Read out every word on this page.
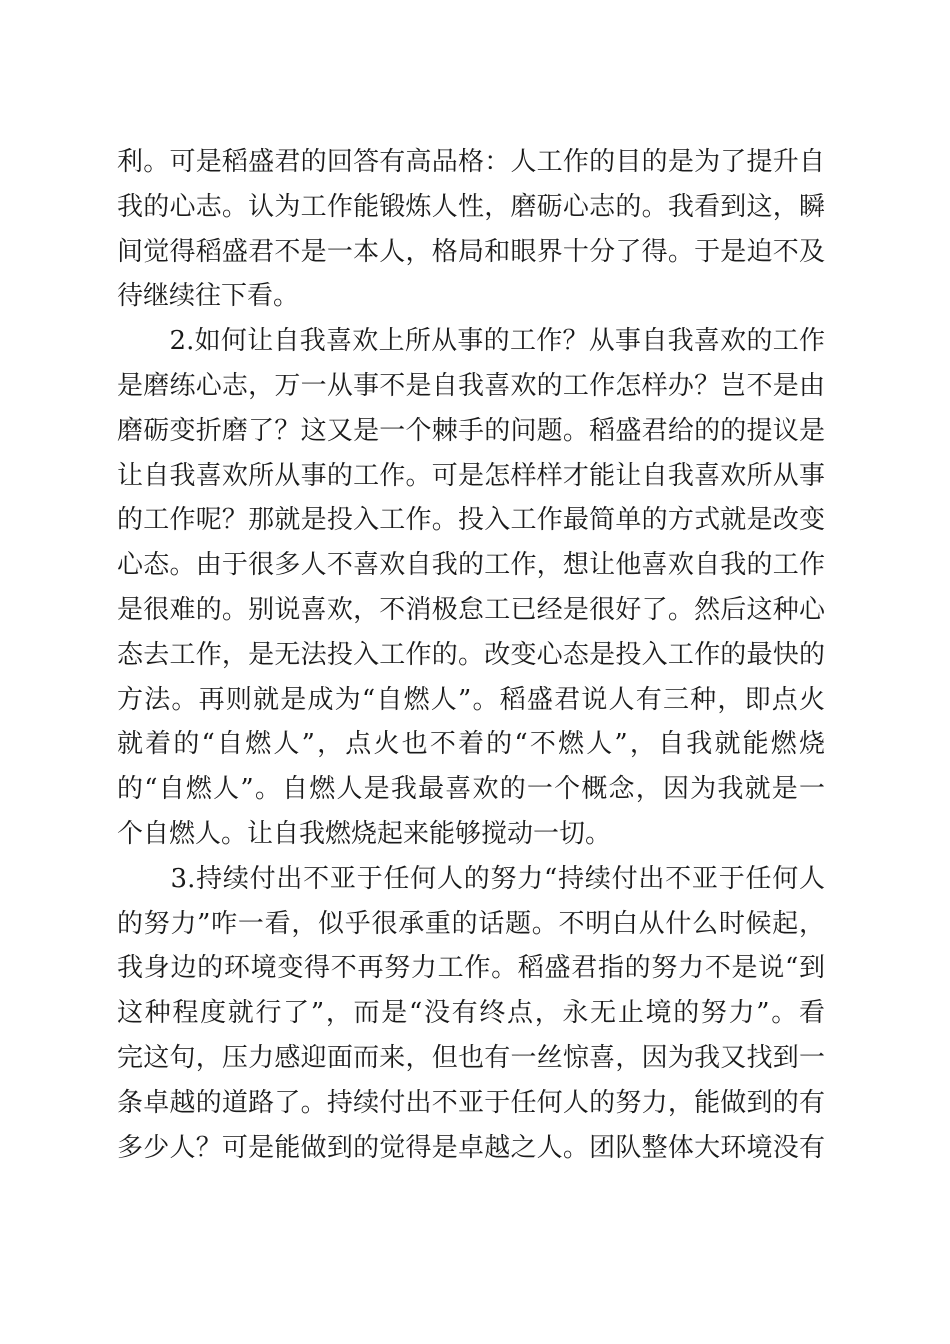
利。可是稻盛君的回答有高品格：人工作的目的是为了提升自
我的心志。认为工作能锻炼人性，磨砺心志的。我看到这，瞬
间觉得稻盛君不是一本人，格局和眼界十分了得。于是迫不及
待继续往下看。
　　2.如何让自我喜欢上所从事的工作？从事自我喜欢的工作
是磨练心志，万一从事不是自我喜欢的工作怎样办？岂不是由
磨砺变折磨了？这又是一个棘手的问题。稻盛君给的的提议是
让自我喜欢所从事的工作。可是怎样样才能让自我喜欢所从事
的工作呢？那就是投入工作。投入工作最简单的方式就是改变
心态。由于很多人不喜欢自我的工作，想让他喜欢自我的工作
是很难的。别说喜欢，不消极怠工已经是很好了。然后这种心
态去工作，是无法投入工作的。改变心态是投入工作的最快的
方法。再则就是成为“自燃人”。稻盛君说人有三种，即点火
就着的“自燃人”，点火也不着的“不燃人”，自我就能燃烧
的“自燃人”。自燃人是我最喜欢的一个概念，因为我就是一
个自燃人。让自我燃烧起来能够搅动一切。
　　3.持续付出不亚于任何人的努力“持续付出不亚于任何人
的努力”咋一看，似乎很承重的话题。不明白从什么时候起，
我身边的环境变得不再努力工作。稻盛君指的努力不是说“到
这种程度就行了”，而是“没有终点，永无止境的努力”。看
完这句，压力感迎面而来，但也有一丝惊喜，因为我又找到一
条卓越的道路了。持续付出不亚于任何人的努力，能做到的有
多少人？可是能做到的觉得是卓越之人。团队整体大环境没有
